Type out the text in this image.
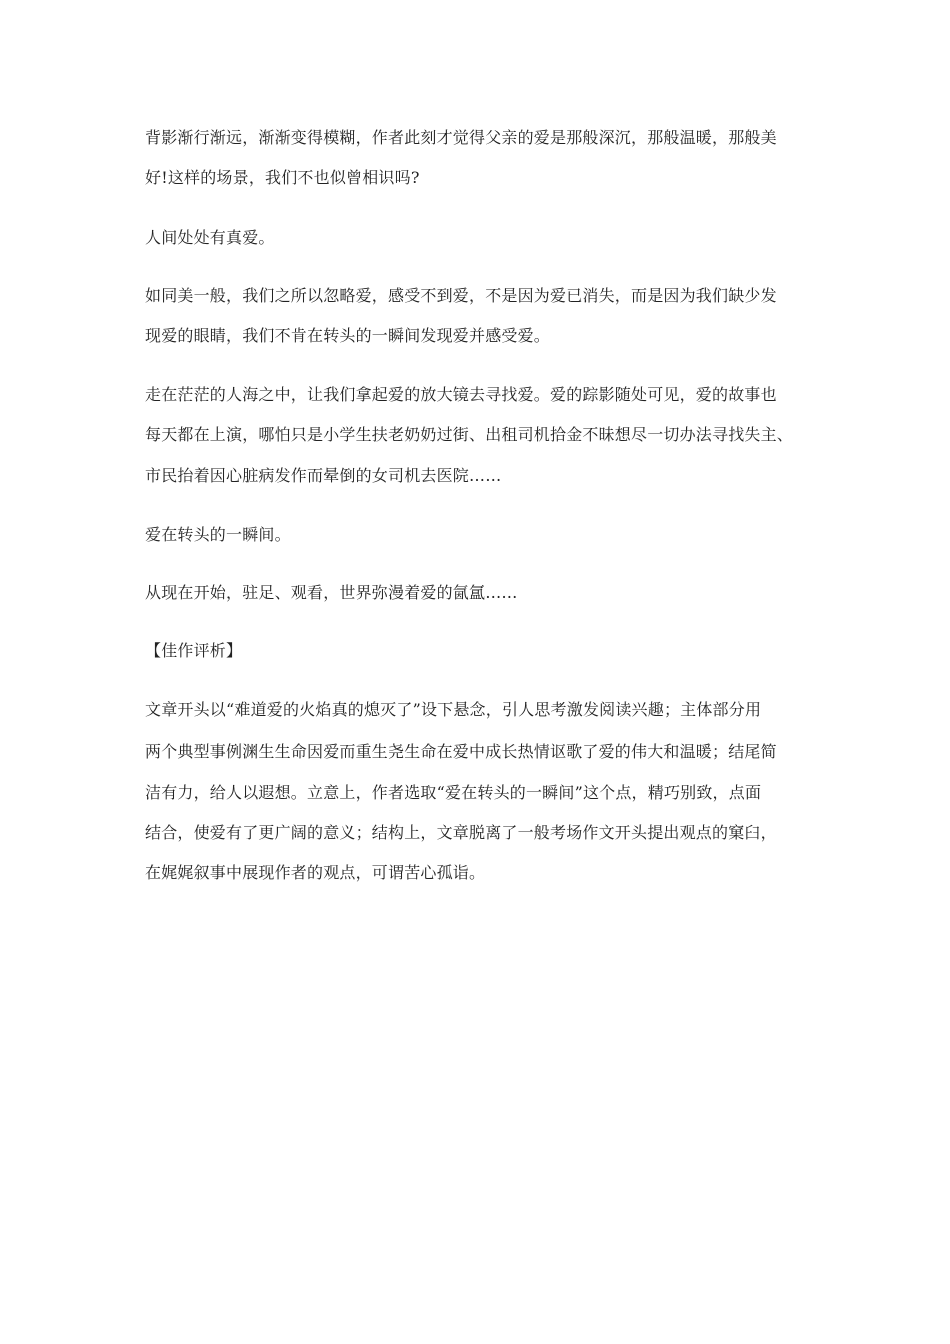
背影渐行渐远，渐渐变得模糊，作者此刻才觉得父亲的爱是那般深沉，那般温暖，那般美
好!这样的场景，我们不也似曾相识吗?
人间处处有真爱。
如同美一般，我们之所以忽略爱，感受不到爱，不是因为爱已消失，而是因为我们缺少发
现爱的眼睛，我们不肯在转头的一瞬间发现爱并感受爱。
走在茫茫的人海之中，让我们拿起爱的放大镜去寻找爱。爱的踪影随处可见，爱的故事也
每天都在上演，哪怕只是小学生扶老奶奶过街、出租司机拾金不昧想尽一切办法寻找失主、
市民抬着因心脏病发作而晕倒的女司机去医院……
爱在转头的一瞬间。
从现在开始，驻足、观看，世界弥漫着爱的氤氲……
【佳作评析】
文章开头以“难道爱的火焰真的熄灭了”设下悬念，引人思考激发阅读兴趣；主体部分用
两个典型事例渊生生命因爱而重生尧生命在爱中成长热情讴歌了爱的伟大和温暖；结尾简
洁有力，给人以遐想。立意上，作者选取“爱在转头的一瞬间”这个点，精巧别致，点面
结合，使爱有了更广阔的意义；结构上，文章脱离了一般考场作文开头提出观点的窠臼，
在娓娓叙事中展现作者的观点，可谓苦心孤诣。
